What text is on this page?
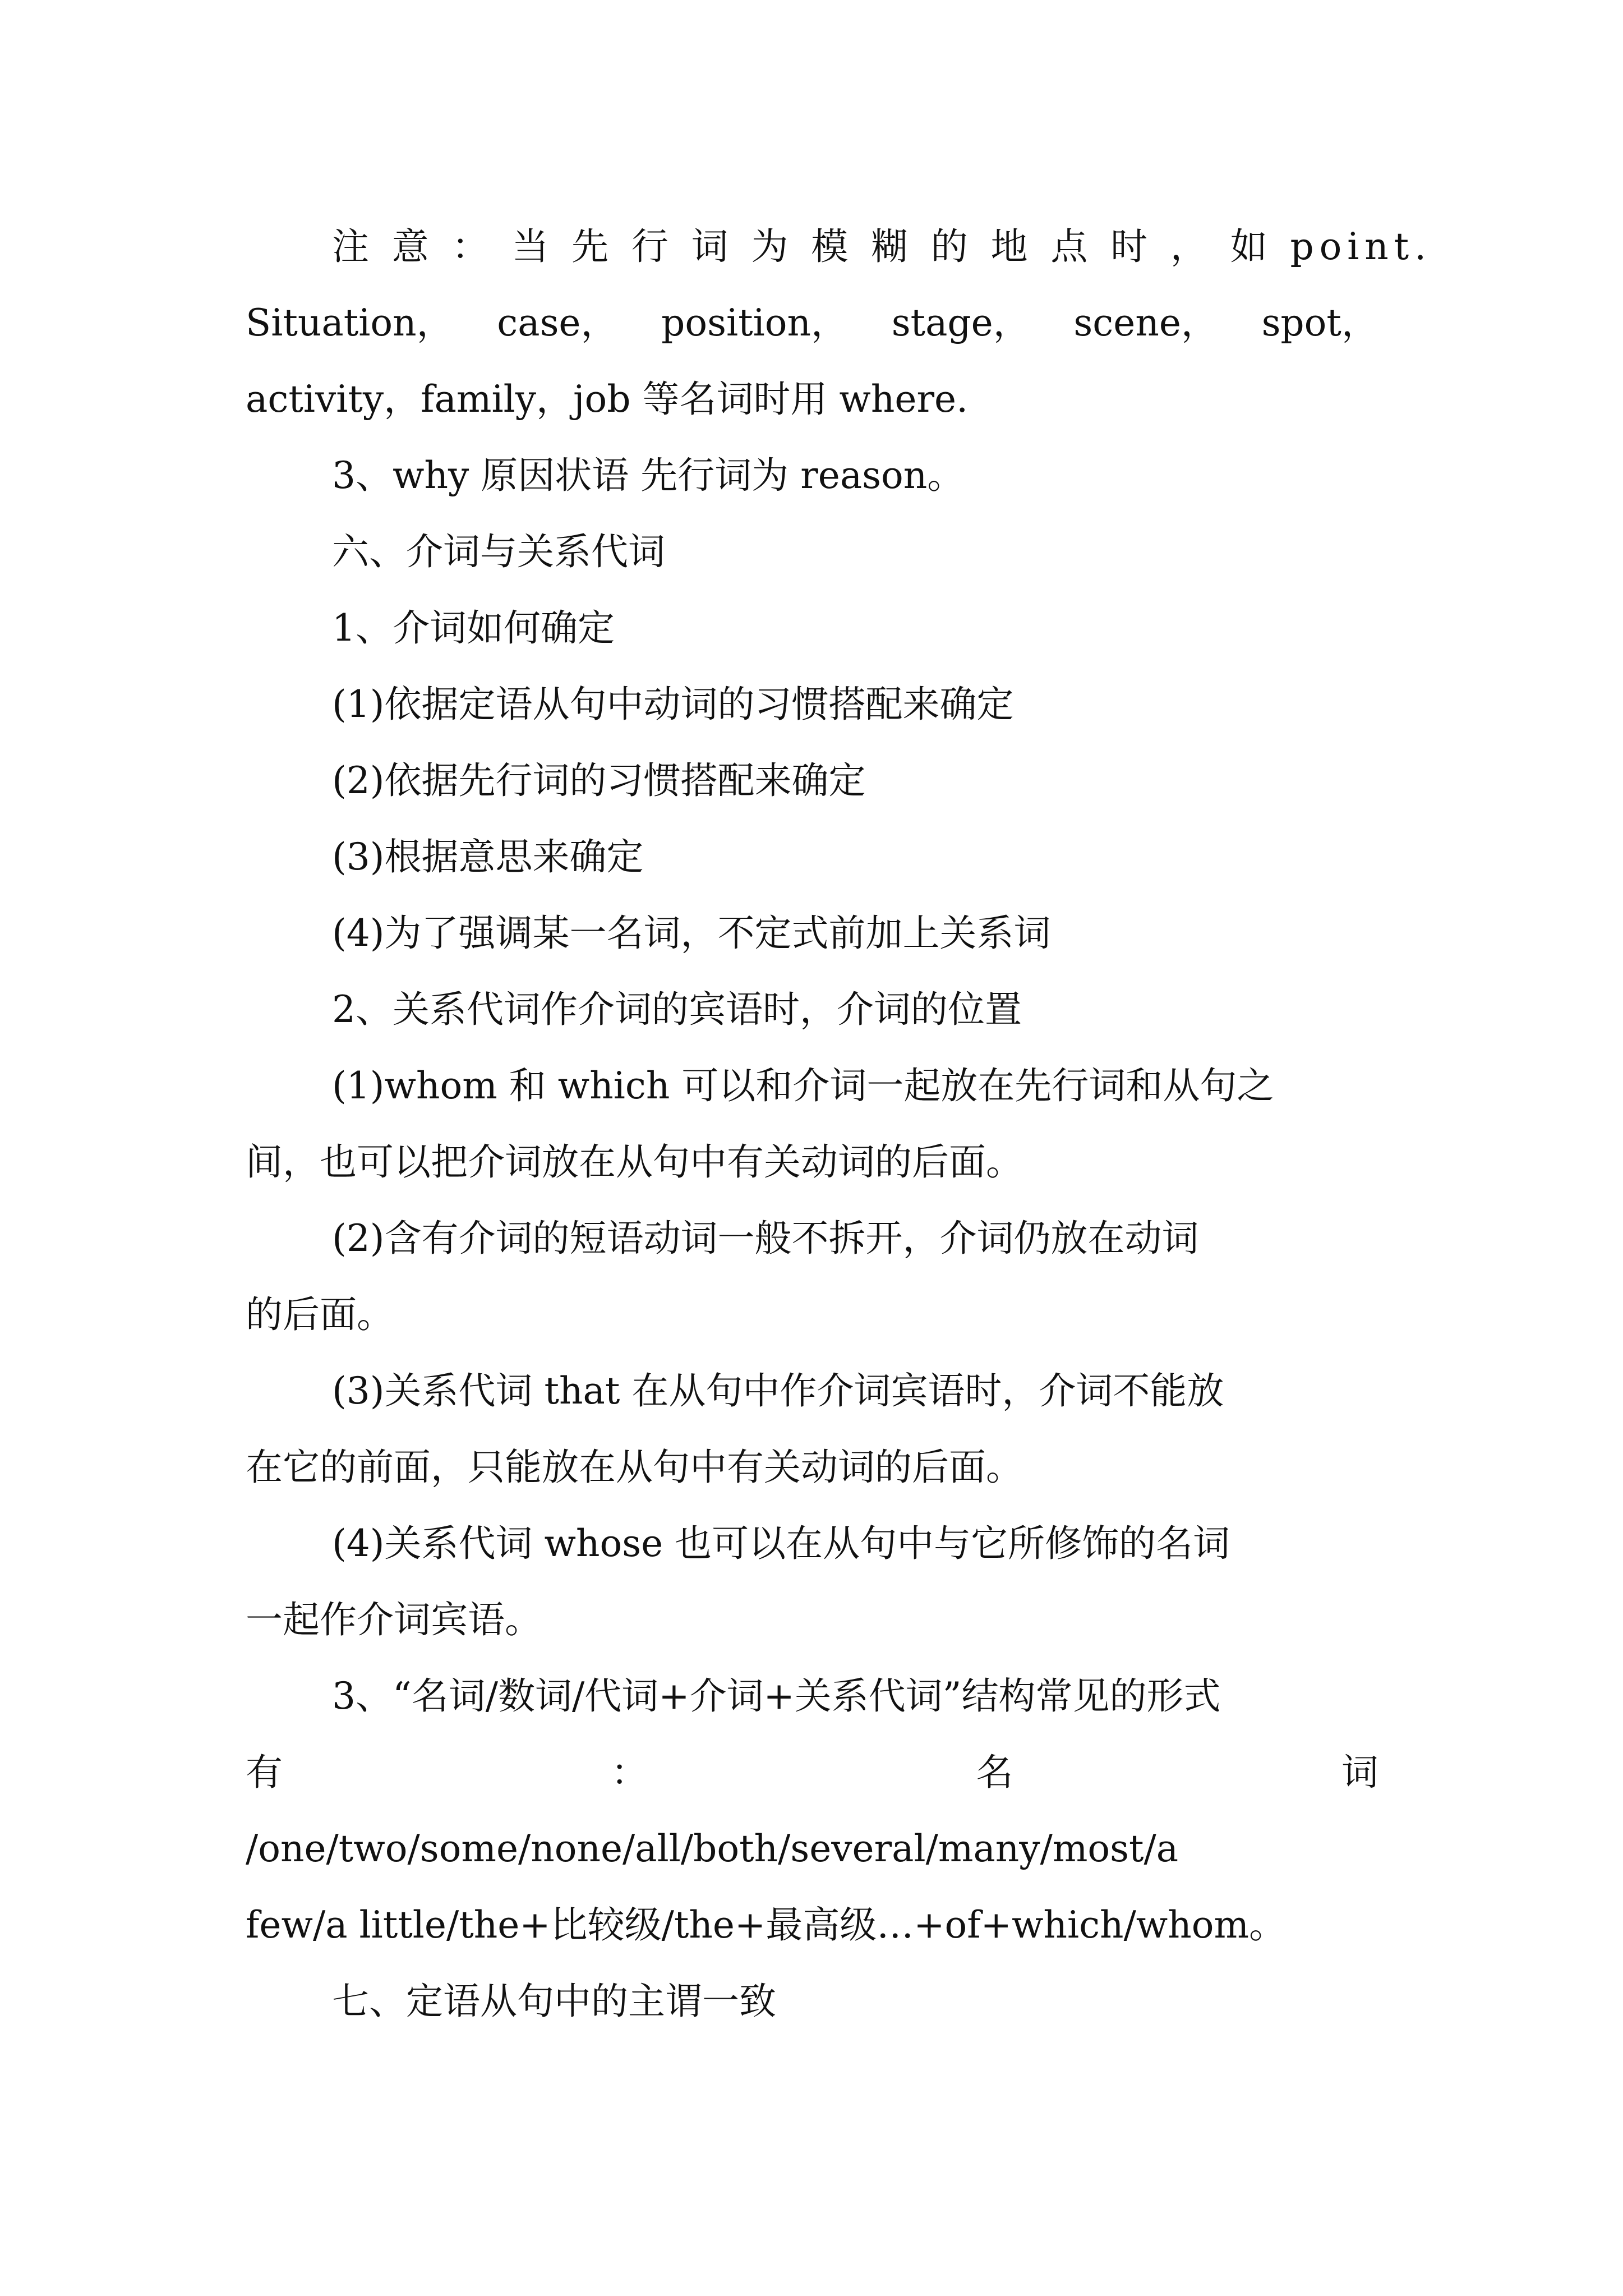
注 意 ： 当 先 行 词 为 模 糊 的 地 点 时 ， 如 point.
Situation， case， position， stage， scene， spot，
activity，family，job 等名词时用 where.
3、why 原因状语 先行词为 reason。
六、介词与关系代词
1、介词如何确定
(1)依据定语从句中动词的习惯搭配来确定
(2)依据先行词的习惯搭配来确定
(3)根据意思来确定
(4)为了强调某一名词，不定式前加上关系词
2、关系代词作介词的宾语时，介词的位置
(1)whom 和 which 可以和介词一起放在先行词和从句之
间，也可以把介词放在从句中有关动词的后面。
(2)含有介词的短语动词一般不拆开，介词仍放在动词
的后面。
(3)关系代词 that 在从句中作介词宾语时，介词不能放
在它的前面，只能放在从句中有关动词的后面。
(4)关系代词 whose 也可以在从句中与它所修饰的名词
一起作介词宾语。
3、“名词/数词/代词+介词+关系代词”结构常见的形式
有	：	名	词
/one/two/some/none/all/both/several/many/most/a
few/a little/the+比较级/the+最高级…+of+which/whom。
七、定语从句中的主谓一致
